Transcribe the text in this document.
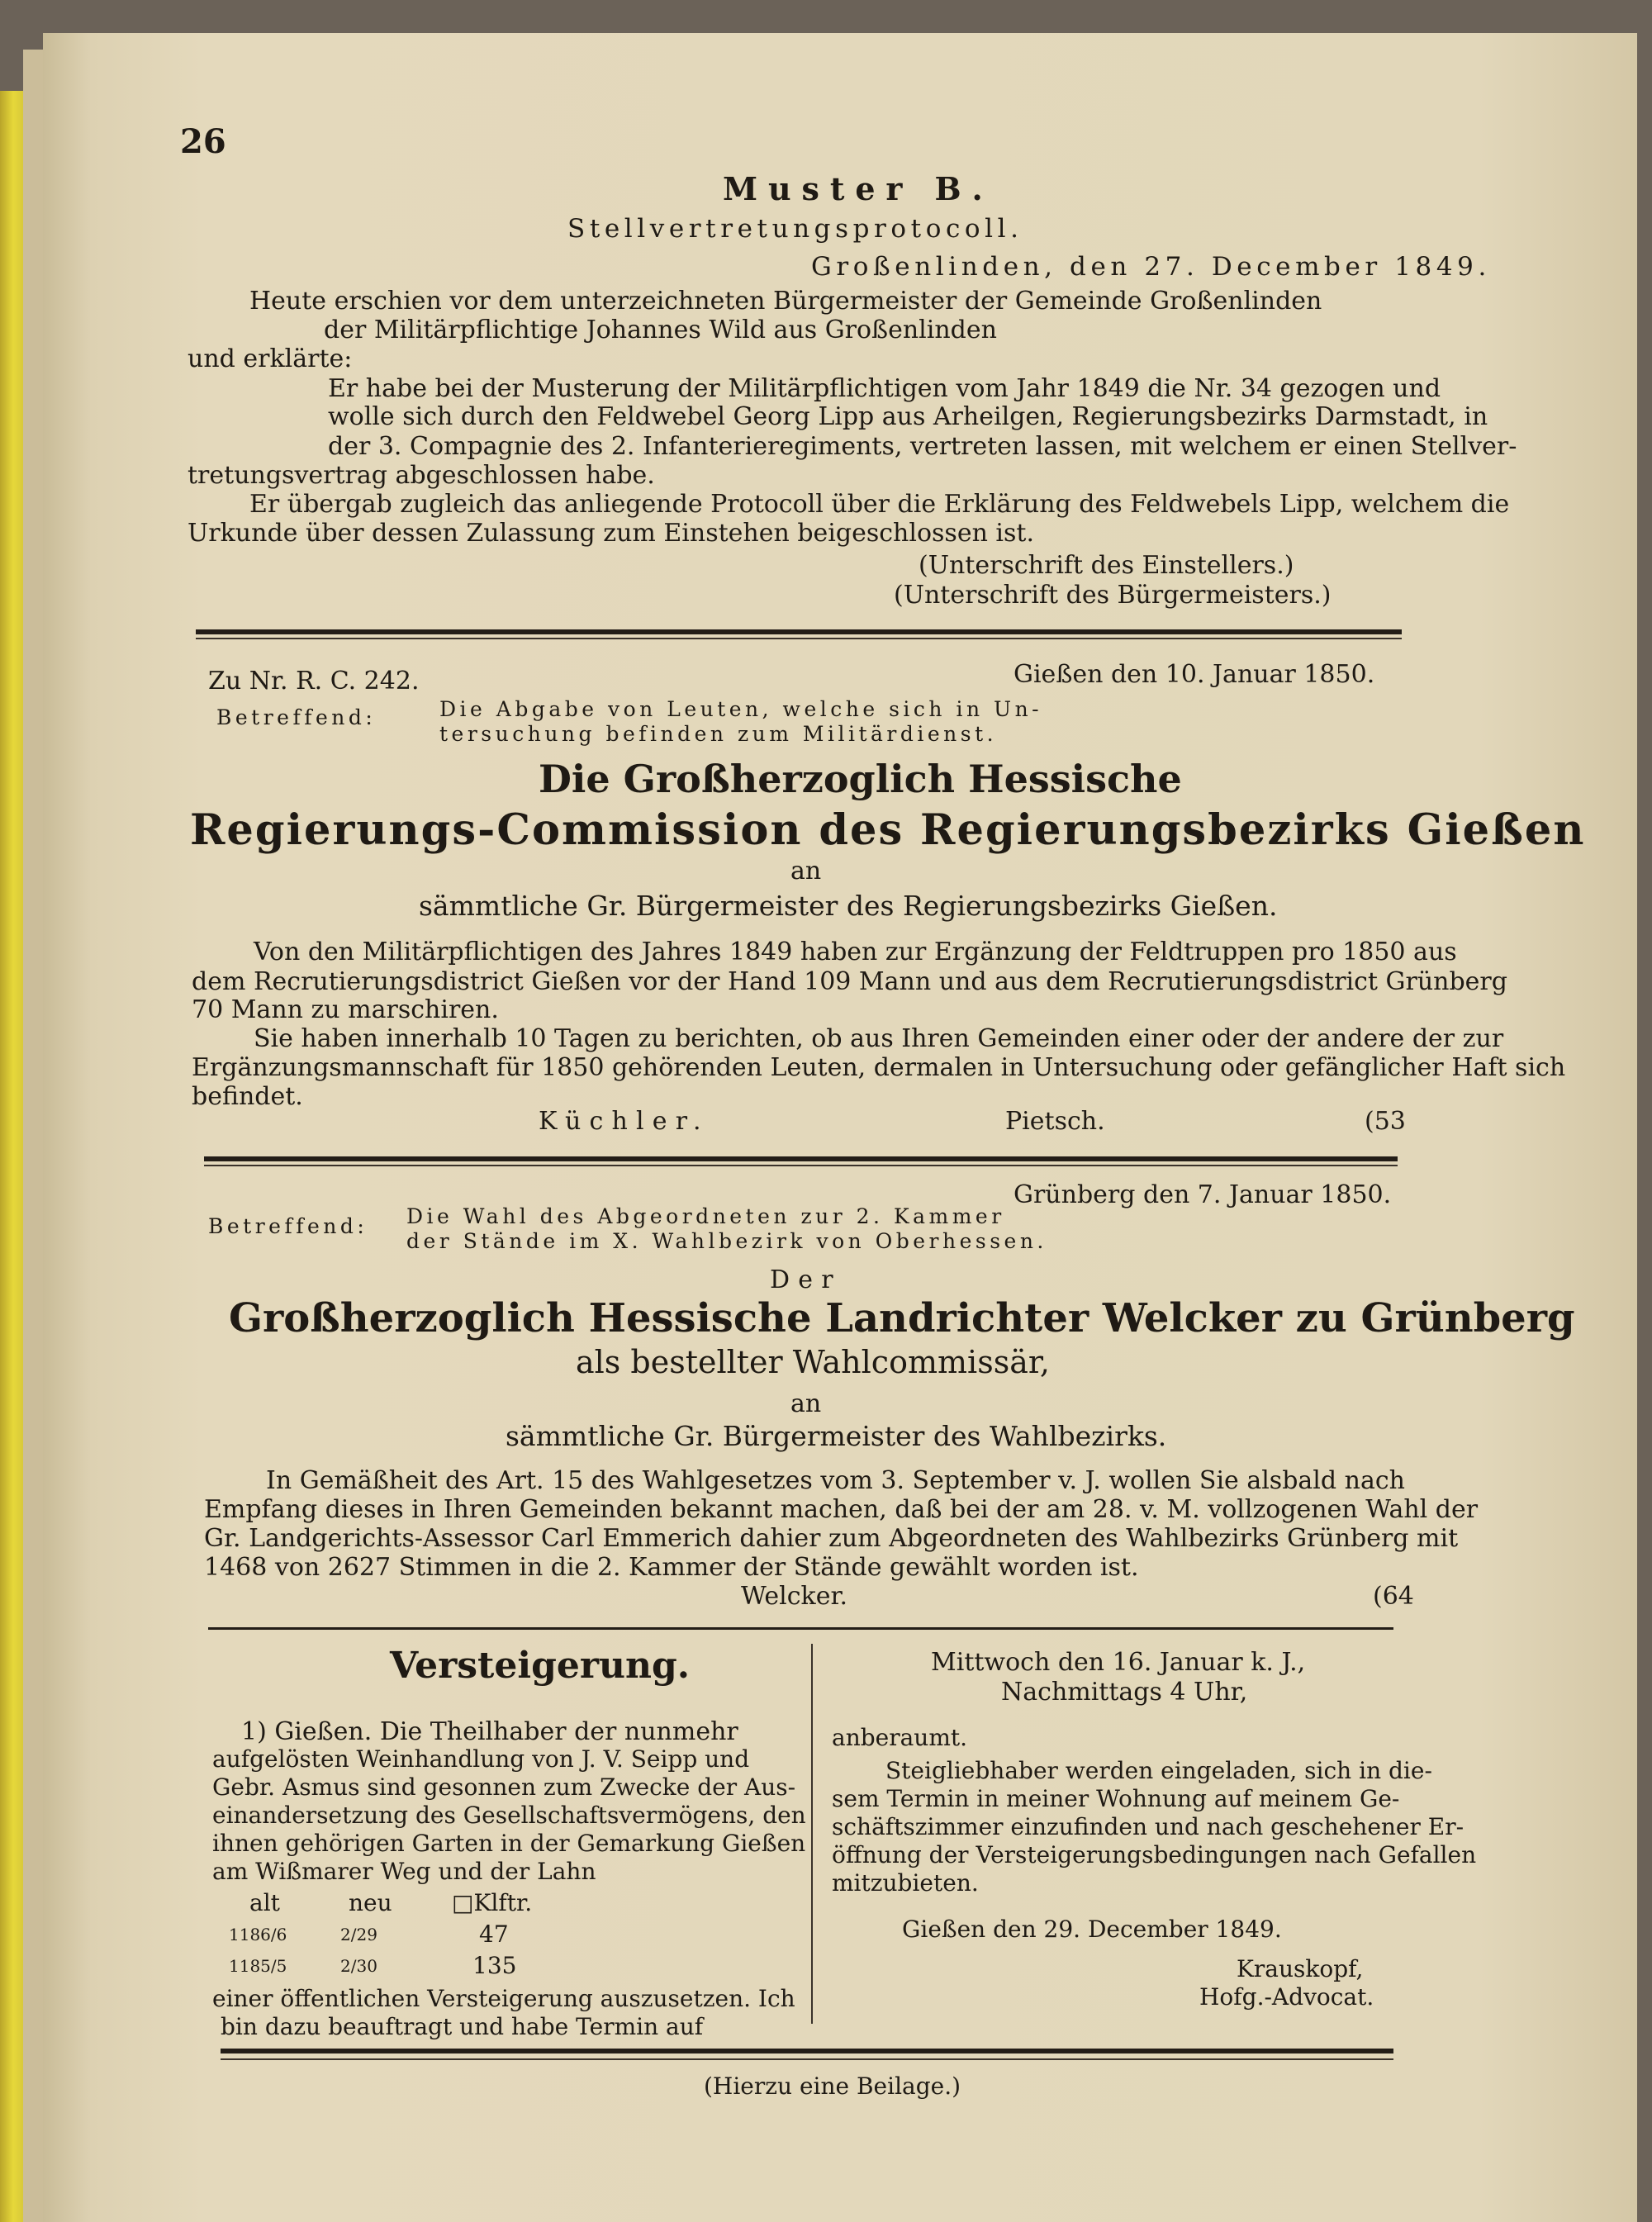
26
Muster B.
Stellvertretungsprotocoll.
Großenlinden, den 27. December 1849.
Heute erschien vor dem unterzeichneten Bürgermeister der Gemeinde Großenlinden
der Militärpflichtige Johannes Wild aus Großenlinden
und erklärte:
Er habe bei der Musterung der Militärpflichtigen vom Jahr 1849 die Nr. 34 gezogen und
wolle sich durch den Feldwebel Georg Lipp aus Arheilgen, Regierungsbezirks Darmstadt, in
der 3. Compagnie des 2. Infanterieregiments, vertreten lassen, mit welchem er einen Stellver-
tretungsvertrag abgeschlossen habe.
Er übergab zugleich das anliegende Protocoll über die Erklärung des Feldwebels Lipp, welchem die
Urkunde über dessen Zulassung zum Einstehen beigeschlossen ist.
(Unterschrift des Einstellers.)
(Unterschrift des Bürgermeisters.)
Zu Nr. R. C. 242.	Gießen den 10. Januar 1850.
Betreffend:	Die Abgabe von Leuten, welche sich in Un-
tersuchung befinden zum Militärdienst.
Die Großherzoglich Hessische
Regierungs-Commission des Regierungsbezirks Gießen
an
sämmtliche Gr. Bürgermeister des Regierungsbezirks Gießen.
Von den Militärpflichtigen des Jahres 1849 haben zur Ergänzung der Feldtruppen pro 1850 aus
dem Recrutierungsdistrict Gießen vor der Hand 109 Mann und aus dem Recrutierungsdistrict Grünberg
70 Mann zu marschiren.
Sie haben innerhalb 10 Tagen zu berichten, ob aus Ihren Gemeinden einer oder der andere der zur
Ergänzungsmannschaft für 1850 gehörenden Leuten, dermalen in Untersuchung oder gefänglicher Haft sich
befindet.
Küchler.	Pietsch.	(53
Grünberg den 7. Januar 1850.
Betreffend: Die Wahl des Abgeordneten zur 2. Kammer
der Stände im X. Wahlbezirk von Oberhessen.
Der
Großherzoglich Hessische Landrichter Welcker zu Grünberg
als bestellter Wahlcommissär,
an
sämmtliche Gr. Bürgermeister des Wahlbezirks.
In Gemäßheit des Art. 15 des Wahlgesetzes vom 3. September v. J. wollen Sie alsbald nach
Empfang dieses in Ihren Gemeinden bekannt machen, daß bei der am 28. v. M. vollzogenen Wahl der
Gr. Landgerichts-Assessor Carl Emmerich dahier zum Abgeordneten des Wahlbezirks Grünberg mit
1468 von 2627 Stimmen in die 2. Kammer der Stände gewählt worden ist.
Welcker.	(64
Versteigerung.
1) Gießen. Die Theilhaber der nunmehr
aufgelösten Weinhandlung von J. V. Seipp und
Gebr. Asmus sind gesonnen zum Zwecke der Aus-
einandersetzung des Gesellschaftsvermögens, den
ihnen gehörigen Garten in der Gemarkung Gießen
am Wißmarer Weg und der Lahn
alt	neu	□Klftr.
1186/6	2/29	47
1185/5	2/30	135
einer öffentlichen Versteigerung auszusetzen. Ich
bin dazu beauftragt und habe Termin auf
Mittwoch den 16. Januar k. J.,
Nachmittags 4 Uhr,
anberaumt.
Steigliebhaber werden eingeladen, sich in die-
sem Termin in meiner Wohnung auf meinem Ge-
schäftszimmer einzufinden und nach geschehener Er-
öffnung der Versteigerungsbedingungen nach Gefallen
mitzubieten.
Gießen den 29. December 1849.
Krauskopf,
Hofg.-Advocat.
(Hierzu eine Beilage.)
